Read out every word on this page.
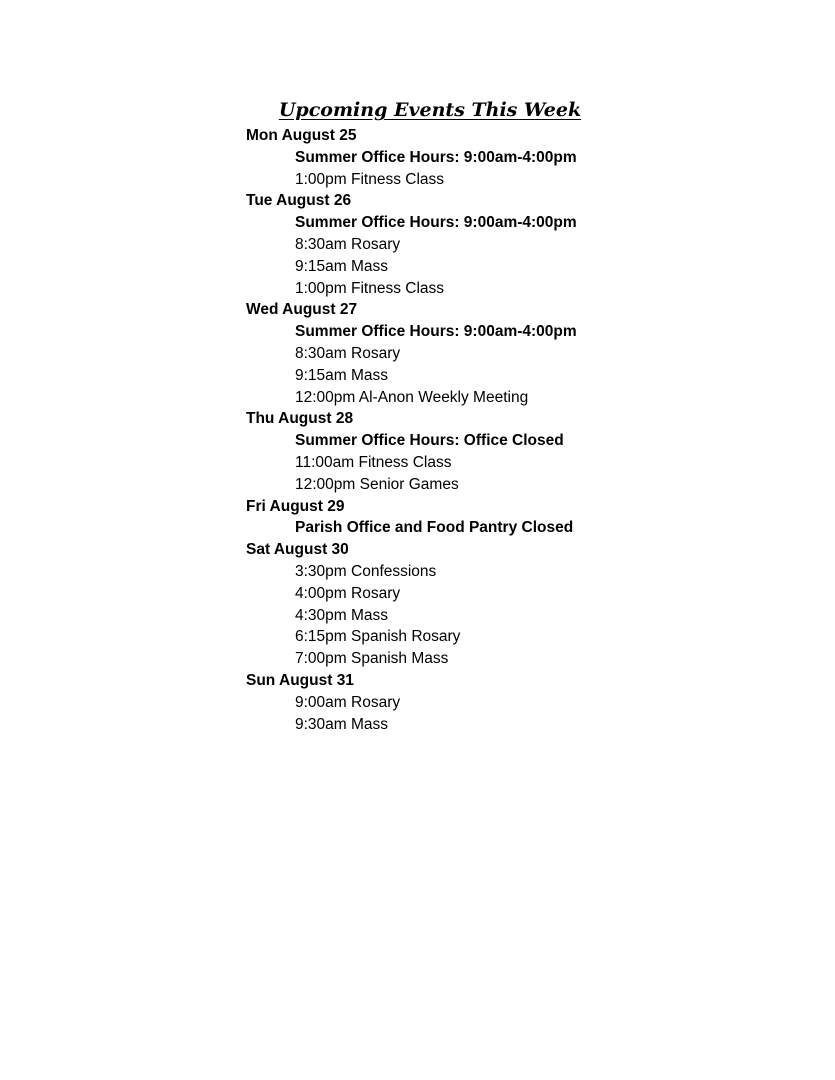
Upcoming Events This Week
Mon August 25
Summer Office Hours: 9:00am-4:00pm
1:00pm Fitness Class
Tue August 26
Summer Office Hours: 9:00am-4:00pm
8:30am Rosary
9:15am Mass
1:00pm Fitness Class
Wed August 27
Summer Office Hours: 9:00am-4:00pm
8:30am Rosary
9:15am Mass
12:00pm Al-Anon Weekly Meeting
Thu August 28
Summer Office Hours: Office Closed
11:00am Fitness Class
12:00pm Senior Games
Fri August 29
Parish Office and Food Pantry Closed
Sat August 30
3:30pm Confessions
4:00pm Rosary
4:30pm Mass
6:15pm Spanish Rosary
7:00pm Spanish Mass
Sun August 31
9:00am Rosary
9:30am Mass
